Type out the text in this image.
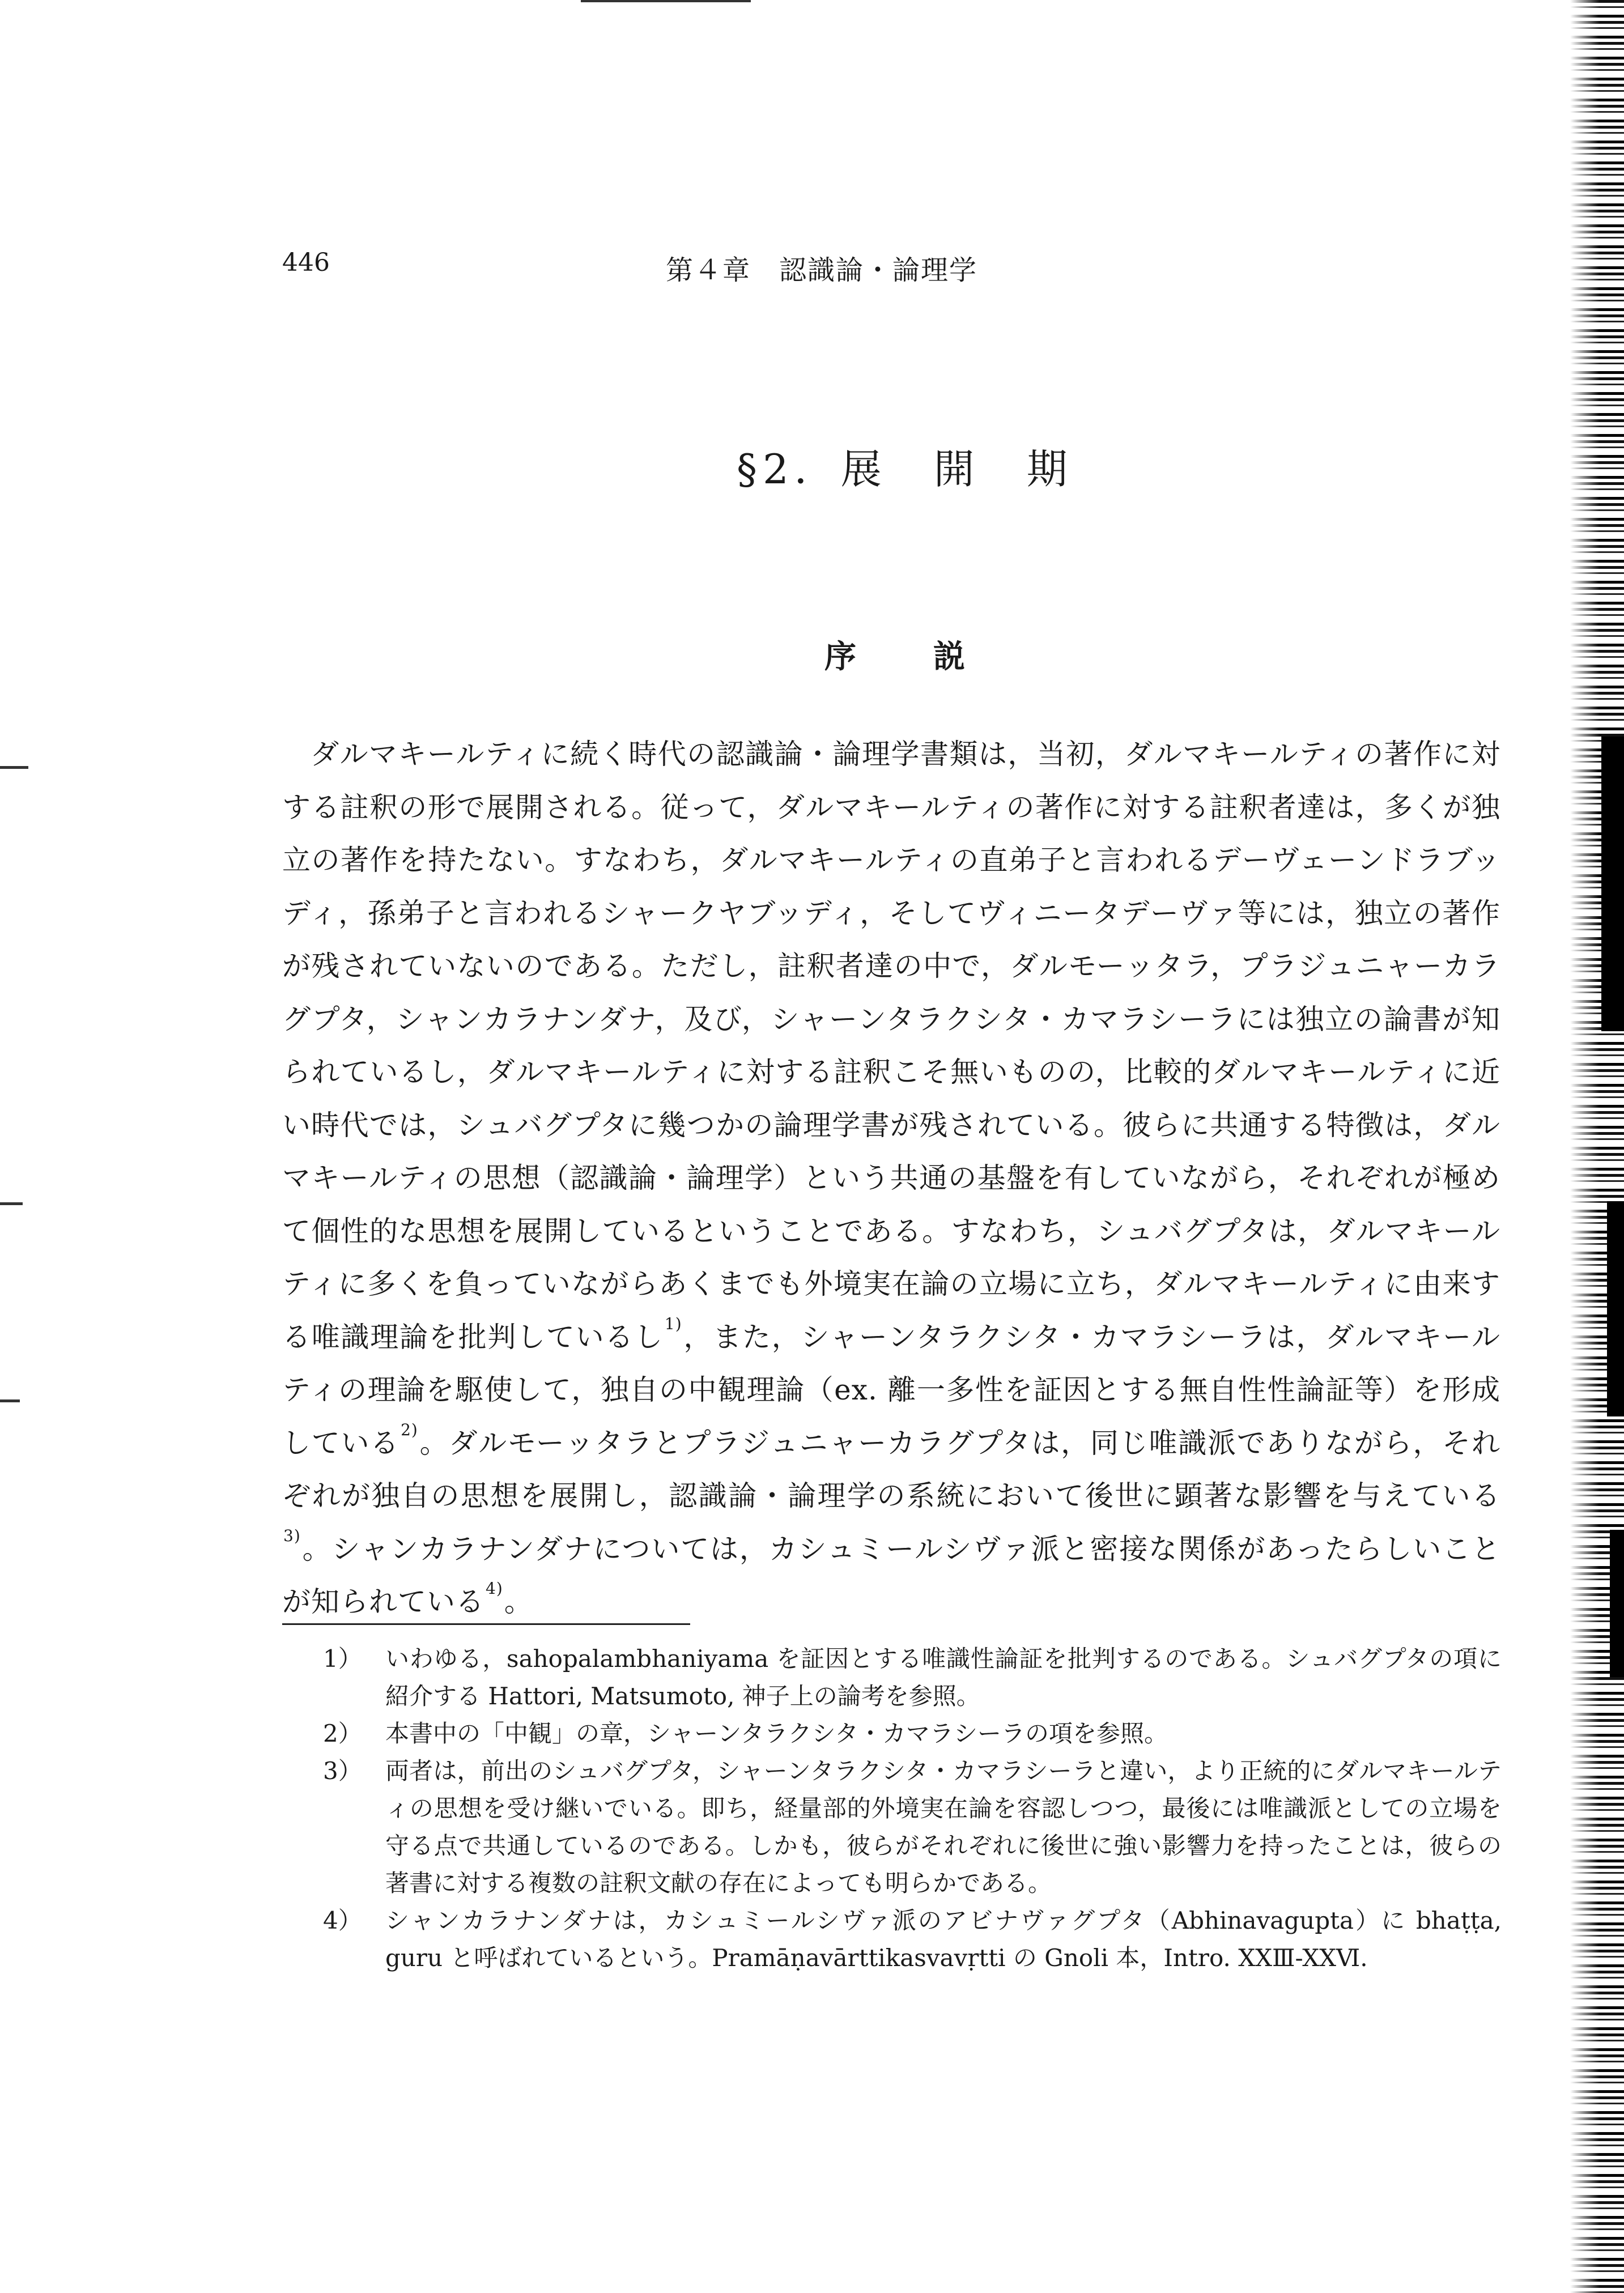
446	第４章　認識論・論理学
§2．展　開　期
序　説
ダルマキールティに続く時代の認識論・論理学書類は，当初，ダルマキールティの著作に対する註釈の形で展開される。従って，ダルマキールティの著作に対する註釈者達は，多くが独立の著作を持たない。すなわち，ダルマキールティの直弟子と言われるデーヴェーンドラブッディ，孫弟子と言われるシャークヤブッディ，そしてヴィニータデーヴァ等には，独立の著作が残されていないのである。ただし，註釈者達の中で，ダルモーッタラ，プラジュニャーカラグプタ，シャンカラナンダナ，及び，シャーンタラクシタ・カマラシーラには独立の論書が知られているし，ダルマキールティに対する註釈こそ無いものの，比較的ダルマキールティに近い時代では，シュバグプタに幾つかの論理学書が残されている。彼らに共通する特徴は，ダルマキールティの思想（認識論・論理学）という共通の基盤を有していながら，それぞれが極めて個性的な思想を展開しているということである。すなわち，シュバグプタは，ダルマキールティに多くを負っていながらあくまでも外境実在論の立場に立ち，ダルマキールティに由来する唯識理論を批判しているし$^{1)}$，また，シャーンタラクシタ・カマラシーラは，ダルマキールティの理論を駆使して，独自の中観理論（ex. 離一多性を証因とする無自性性論証等）を形成している$^{2)}$。ダルモーッタラとプラジュニャーカラグプタは，同じ唯識派でありながら，それぞれが独自の思想を展開し，認識論・論理学の系統において後世に顕著な影響を与えている$^{3)}$。シャンカラナンダナについては，カシュミールシヴァ派と密接な関係があったらしいことが知られている$^{4)}$。
1） いわゆる，sahopalambhaniyama を証因とする唯識性論証を批判するのである。シュバグプタの項に紹介する Hattori, Matsumoto, 神子上の論考を参照。
2） 本書中の「中観」の章，シャーンタラクシタ・カマラシーラの項を参照。
3） 両者は，前出のシュバグプタ，シャーンタラクシタ・カマラシーラと違い，より正統的にダルマキールティの思想を受け継いでいる。即ち，経量部的外境実在論を容認しつつ，最後には唯識派としての立場を守る点で共通しているのである。しかも，彼らがそれぞれに後世に強い影響力を持ったことは，彼らの著書に対する複数の註釈文献の存在によっても明らかである。
4） シャンカラナンダナは，カシュミールシヴァ派のアビナヴァグプタ（Abhinavagupta）に bhaṭṭa, guru と呼ばれているという。Pramāṇavārttikasvavṛtti の Gnoli 本，Intro. XXⅢ-XXⅥ.
